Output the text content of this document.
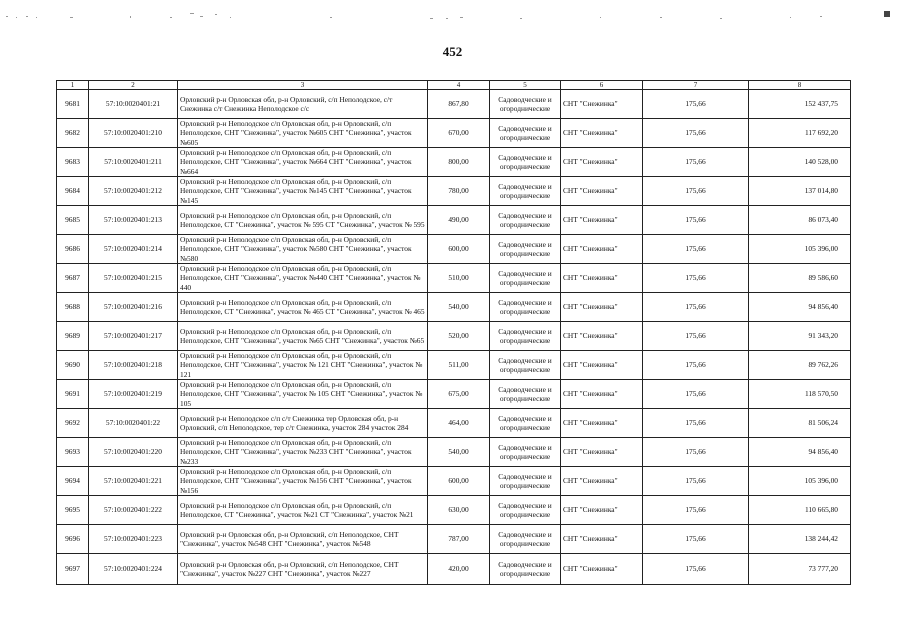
452
1	2	3	4	5	6	7	8
9681	57:10:0020401:21	Орловский р-н Орловская обл, р-н Орловский, с/п Неполодское, с/т Снежинка с/т Снежинка Неполодское с/с	867,80	Садоводческие и огороднические	СНТ "Снежинка"	175,66	152 437,75
9682	57:10:0020401:210	Орловский р-н Неполодское с/п Орловская обл, р-н Орловский, с/п Неполодское, СНТ "Снежинка", участок №605 СНТ "Снежинка", участок №605	670,00	Садоводческие и огороднические	СНТ "Снежинка"	175,66	117 692,20
9683	57:10:0020401:211	Орловский р-н Неполодское с/п Орловская обл, р-н Орловский, с/п Неполодское, СНТ "Снежинка", участок №664 СНТ "Снежинка", участок №664	800,00	Садоводческие и огороднические	СНТ "Снежинка"	175,66	140 528,00
9684	57:10:0020401:212	Орловский р-н Неполодское с/п Орловская обл, р-н Орловский, с/п Неполодское, СНТ "Снежинка", участок №145 СНТ "Снежинка", участок №145	780,00	Садоводческие и огороднические	СНТ "Снежинка"	175,66	137 014,80
9685	57:10:0020401:213	Орловский р-н Неполодское с/п Орловская обл, р-н Орловский, с/п Неполодское, СТ "Снежинка", участок № 595 СТ "Снежинка", участок № 595	490,00	Садоводческие и огороднические	СНТ "Снежинка"	175,66	86 073,40
9686	57:10:0020401:214	Орловский р-н Неполодское с/п Орловская обл, р-н Орловский, с/п Неполодское, СНТ "Снежинка", участок №580 СНТ "Снежинка", участок №580	600,00	Садоводческие и огороднические	СНТ "Снежинка"	175,66	105 396,00
9687	57:10:0020401:215	Орловский р-н Неполодское с/п Орловская обл, р-н Орловский, с/п Неполодское, СНТ "Снежинка", участок №440 СНТ "Снежинка", участок № 440	510,00	Садоводческие и огороднические	СНТ "Снежинка"	175,66	89 586,60
9688	57:10:0020401:216	Орловский р-н Неполодское с/п Орловская обл, р-н Орловский, с/п Неполодское, СТ "Снежинка", участок № 465 СТ "Снежинка", участок № 465	540,00	Садоводческие и огороднические	СНТ "Снежинка"	175,66	94 856,40
9689	57:10:0020401:217	Орловский р-н Неполодское с/п Орловская обл, р-н Орловский, с/п Неполодское, СНТ "Снежинка", участок №65 СНТ "Снежинка", участок №65	520,00	Садоводческие и огороднические	СНТ "Снежинка"	175,66	91 343,20
9690	57:10:0020401:218	Орловский р-н Неполодское с/п Орловская обл, р-н Орловский, с/п Неполодское, СНТ "Снежинка", участок № 121 СНТ "Снежинка", участок № 121	511,00	Садоводческие и огороднические	СНТ "Снежинка"	175,66	89 762,26
9691	57:10:0020401:219	Орловский р-н Неполодское с/п Орловская обл, р-н Орловский, с/п Неполодское, СНТ "Снежинка", участок № 105 СНТ "Снежинка", участок № 105	675,00	Садоводческие и огороднические	СНТ "Снежинка"	175,66	118 570,50
9692	57:10:0020401:22	Орловский р-н Неполодское с/п с/т Снежинка тер Орловская обл, р-н Орловский, с/п Неполодское, тер с/т Снежинка, участок 284 участок 284	464,00	Садоводческие и огороднические	СНТ "Снежинка"	175,66	81 506,24
9693	57:10:0020401:220	Орловский р-н Неполодское с/п Орловская обл, р-н Орловский, с/п Неполодское, СНТ "Снежинка", участок №233 СНТ "Снежинка", участок №233	540,00	Садоводческие и огороднические	СНТ "Снежинка"	175,66	94 856,40
9694	57:10:0020401:221	Орловский р-н Неполодское с/п Орловская обл, р-н Орловский, с/п Неполодское, СНТ "Снежинка", участок №156 СНТ "Снежинка", участок №156	600,00	Садоводческие и огороднические	СНТ "Снежинка"	175,66	105 396,00
9695	57:10:0020401:222	Орловский р-н Неполодское с/п Орловская обл, р-н Орловский, с/п Неполодское, СТ "Снежинка", участок №21 СТ "Снежинка", участок №21	630,00	Садоводческие и огороднические	СНТ "Снежинка"	175,66	110 665,80
9696	57:10:0020401:223	Орловский р-н Орловская обл, р-н Орловский, с/п Неполодское, СНТ "Снежинка", участок №548 СНТ "Снежинка", участок №548	787,00	Садоводческие и огороднические	СНТ "Снежинка"	175,66	138 244,42
9697	57:10:0020401:224	Орловский р-н Орловская обл, р-н Орловский, с/п Неполодское, СНТ "Снежинка", участок №227 СНТ "Снежинка", участок №227	420,00	Садоводческие и огороднические	СНТ "Снежинка"	175,66	73 777,20
